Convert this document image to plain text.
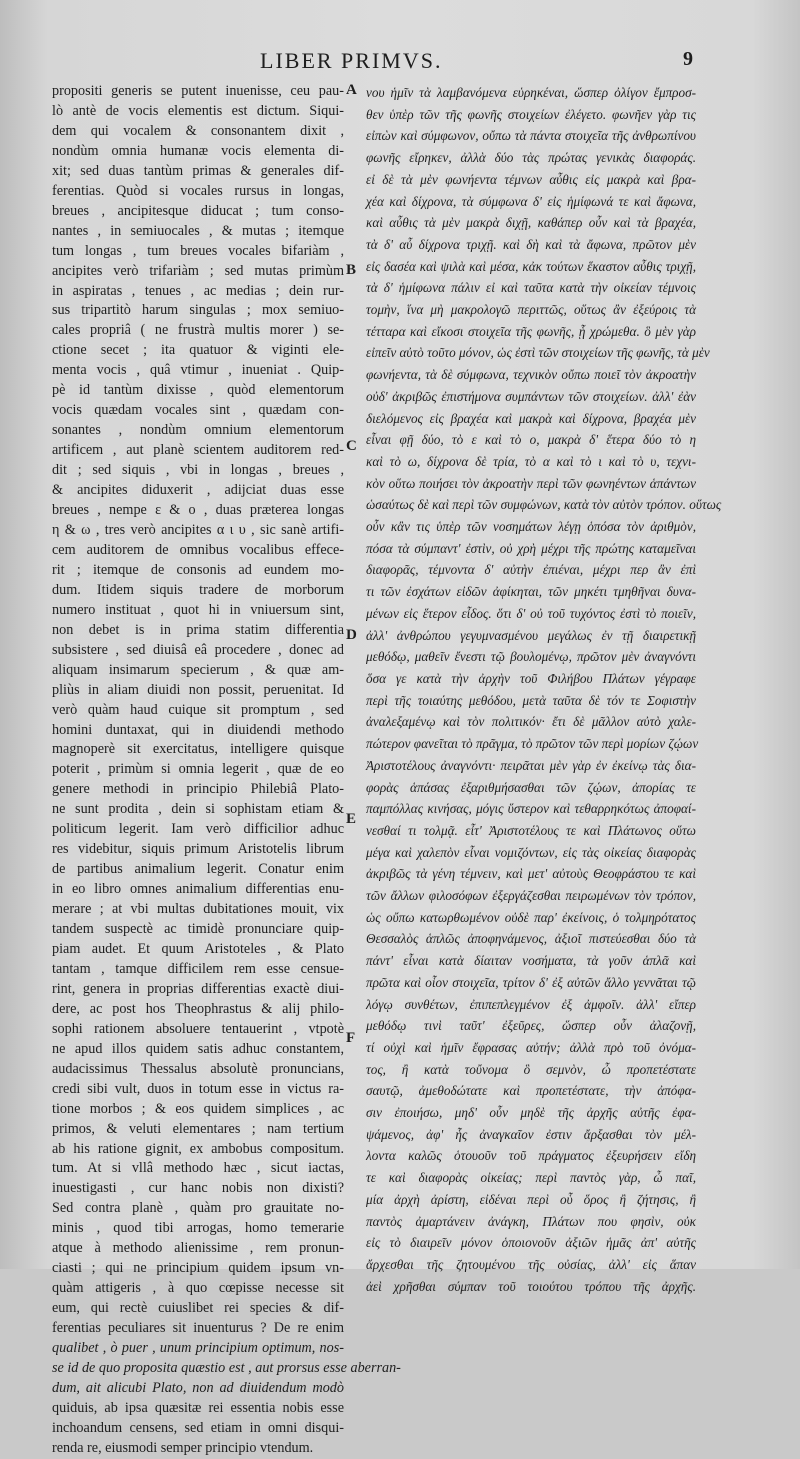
LIBER PRIMVS.	9
propositi generis se putent inuenisse, ceu pau-
lò antè de vocis elementis est dictum. Siqui-
dem qui vocalem & consonantem dixit ,
nondùm omnia humanæ vocis elementa di-
xit; sed duas tantùm primas & generales dif-
ferentias. Quòd si vocales rursus in longas,
breues , ancipitesque diducat ; tum conso-
nantes , in semiuocales , & mutas ; itemque
tum longas , tum breues vocales bifariàm ,
ancipites verò trifariàm ; sed mutas primùm
in aspiratas , tenues , ac medias ; dein rur-
sus tripartitò harum singulas ; mox semiuo-
cales propriâ ( ne frustrà multis morer ) se-
ctione secet ; ita quatuor & viginti ele-
menta vocis , quâ vtimur , inueniat . Quip-
pè id tantùm dixisse , quòd elementorum
vocis quædam vocales sint , quædam con-
sonantes , nondùm omnium elementorum
artificem , aut planè scientem auditorem red-
dit ; sed siquis , vbi in longas , breues ,
& ancipites diduxerit , adijciat duas esse
breues , nempe ε & ο , duas præterea longas
η & ω , tres verò ancipites α ι υ , sic sanè artifi-
cem auditorem de omnibus vocalibus effece-
rit ; itemque de consonis ad eundem mo-
dum. Itidem siquis tradere de morborum
numero instituat , quot hi in vniuersum sint,
non debet is in prima statim differentia
subsistere , sed diuisâ eâ procedere , donec ad
aliquam insimarum specierum , & quæ am-
pliùs in aliam diuidi non possit, peruenitat. Id
verò quàm haud cuique sit promptum , sed
homini duntaxat, qui in diuidendi methodo
magnoperè sit exercitatus, intelligere quisque
poterit , primùm si omnia legerit , quæ de eo
genere methodi in principio Philebiâ Plato-
ne sunt prodita , dein si sophistam etiam &
politicum legerit. Iam verò difficilior adhuc
res videbitur, siquis primum Aristotelis librum
de partibus animalium legerit. Conatur enim
in eo libro omnes animalium differentias enu-
merare ; at vbi multas dubitationes mouit, vix
tandem suspectè ac timidè pronunciare quip-
piam audet. Et quum Aristoteles , & Plato
tantam , tamque difficilem rem esse censue-
rint, genera in proprias differentias exactè diui-
dere, ac post hos Theophrastus & alij philo-
sophi rationem absoluere tentauerint , vtpotè
ne apud illos quidem satis adhuc constantem,
audacissimus Thessalus absolutè pronuncians,
credi sibi vult, duos in totum esse in victus ra-
tione morbos ; & eos quidem simplices , ac
primos, & veluti elementares ; nam tertium
ab his ratione gignit, ex ambobus compositum.
tum. At si vllâ methodo hæc , sicut iactas,
inuestigasti , cur hanc nobis non dixisti?
Sed contra planè , quàm pro grauitate no-
minis , quod tibi arrogas, homo temerarie
atque à methodo alienissime , rem pronun-
ciasti ; qui ne principium quidem ipsum vn-
quàm attigeris , à quo cœpisse necesse sit
eum, qui rectè cuiuslibet rei species & dif-
ferentias peculiares sit inuenturus ? De re enim
qualibet , ò puer , unum principium optimum, nos-
se id de quo proposita quæstio est , aut prorsus esse aberran-
dum, ait alicubi Plato, non ad diuidendum modò
quiduis, ab ipsa quæsitæ rei essentia nobis esse
inchoandum censens, sed etiam in omni disqui-
renda re, eiusmodi semper principio vtendum.
νου ἡμῖν τὰ λαμβανόμενα εὑρηκέναι, ὥσπερ ὀλίγον ἔμπροσ-
θεν ὑπὲρ τῶν τῆς φωνῆς στοιχείων ἐλέγετο. φωνῆεν γὰρ τις
εἰπὼν καὶ σύμφωνον, οὔπω τὰ πάντα στοιχεῖα τῆς ἀνθρωπίνου
φωνῆς εἴρηκεν, ἀλλὰ δύο τὰς πρώτας γενικὰς διαφοράς.
εἰ δὲ τὰ μὲν φωνήεντα τέμνων αὖθις εἰς μακρὰ καὶ βρα-
χέα καὶ δίχρονα, τὰ σύμφωνα δ' εἰς ἡμίφωνά τε καὶ ἄφωνα,
καὶ αὖθις τὰ μὲν μακρὰ διχῇ, καθάπερ οὖν καὶ τὰ βραχέα,
τὰ δ' αὖ δίχρονα τριχῇ. καὶ δὴ καὶ τὰ ἄφωνα, πρῶτον μὲν
εἰς δασέα καὶ ψιλὰ καὶ μέσα, κἀκ τούτων ἕκαστον αὖθις τριχῇ,
τὰ δ' ἡμίφωνα πάλιν εἰ καὶ ταῦτα κατὰ τὴν οἰκείαν τέμνοις
τομὴν, ἵνα μὴ μακρολογῶ περιττῶς, οὕτως ἂν ἐξεύροις τὰ
τέτταρα καὶ εἴκοσι στοιχεῖα τῆς φωνῆς, ᾗ χρώμεθα. ὃ μὲν γὰρ
εἰπεῖν αὐτὸ τοῦτο μόνον, ὡς ἐστὶ τῶν στοιχείων τῆς φωνῆς, τὰ μὲν
φωνήεντα, τὰ δὲ σύμφωνα, τεχνικὸν οὔπω ποιεῖ τὸν ἀκροατὴν
οὐδ' ἀκριβῶς ἐπιστήμονα συμπάντων τῶν στοιχείων. ἀλλ' ἐὰν
διελόμενος εἰς βραχέα καὶ μακρὰ καὶ δίχρονα, βραχέα μὲν
εἶναι φῇ δύο, τὸ ε καὶ τὸ ο, μακρὰ δ' ἕτερα δύο τὸ η
καὶ τὸ ω, δίχρονα δὲ τρία, τὸ α καὶ τὸ ι καὶ τὸ υ, τεχνι-
κὸν οὕτω ποιήσει τὸν ἀκροατὴν περὶ τῶν φωνηέντων ἁπάντων
ὡσαύτως δὲ καὶ περὶ τῶν συμφώνων, κατὰ τὸν αὐτὸν τρόπον. οὕτως
οὖν κἂν τις ὑπὲρ τῶν νοσημάτων λέγῃ ὁπόσα τὸν ἀριθμὸν,
πόσα τὰ σύμπαντ' ἐστὶν, οὐ χρὴ μέχρι τῆς πρώτης καταμεῖναι
διαφορᾶς, τέμνοντα δ' αὐτὴν ἐπιέναι, μέχρι περ ἂν ἐπὶ
τι τῶν ἐσχάτων εἰδῶν ἀφίκηται, τῶν μηκέτι τμηθῆναι δυνα-
μένων εἰς ἕτερον εἶδος. ὅτι δ' οὐ τοῦ τυχόντος ἐστὶ τὸ ποιεῖν,
ἀλλ' ἀνθρώπου γεγυμνασμένου μεγάλως ἐν τῇ διαιρετικῇ
μεθόδῳ, μαθεῖν ἔνεστι τῷ βουλομένῳ, πρῶτον μὲν ἀναγνόντι
ὅσα γε κατὰ τὴν ἀρχὴν τοῦ Φιλήβου Πλάτων γέγραφε
περὶ τῆς τοιαύτης μεθόδου, μετὰ ταῦτα δὲ τόν τε Σοφιστὴν
ἀναλεξαμένῳ καὶ τὸν πολιτικόν· ἔτι δὲ μᾶλλον αὐτὸ χαλε-
πώτερον φανεῖται τὸ πρᾶγμα, τὸ πρῶτον τῶν περὶ μορίων ζῴων
Ἀριστοτέλους ἀναγνόντι· πειρᾶται μὲν γὰρ ἐν ἐκείνῳ τὰς δια-
φορὰς ἁπάσας ἐξαριθμήσασθαι τῶν ζῴων, ἀπορίας τε
παμπόλλας κινήσας, μόγις ὕστερον καὶ τεθαρρηκότως ἀποφαί-
νεσθαί τι τολμᾷ. εἶτ' Ἀριστοτέλους τε καὶ Πλάτωνος οὕτω
μέγα καὶ χαλεπὸν εἶναι νομιζόντων, εἰς τὰς οἰκείας διαφορὰς
ἀκριβῶς τὰ γένη τέμνειν, καὶ μετ' αὐτοὺς Θεοφράστου τε καὶ
τῶν ἄλλων φιλοσόφων ἐξεργάζεσθαι πειρωμένων τὸν τρόπον,
ὡς οὔπω κατωρθωμένον οὐδὲ παρ' ἐκείνοις, ὁ τολμηρότατος
Θεσσαλὸς ἁπλῶς ἀποφηνάμενος, ἀξιοῖ πιστεύεσθαι δύο τὰ
πάντ' εἶναι κατὰ δίαιταν νοσήματα, τὰ γοῦν ἁπλᾶ καὶ
πρῶτα καὶ οἷον στοιχεῖα, τρίτον δ' ἐξ αὐτῶν ἄλλο γεννᾶται τῷ
λόγῳ συνθέτων, ἐπιπεπλεγμένον ἐξ ἀμφοῖν. ἀλλ' εἴπερ
μεθόδῳ τινὶ ταῦτ' ἐξεῦρες, ὥσπερ οὖν ἀλαζονῇ,
τί οὐχὶ καὶ ἡμῖν ἔφρασας αὐτήν; ἀλλὰ πρὸ τοῦ ὀνόμα-
τος, ἢ κατὰ τοὔνομα ὃ σεμνὸν, ὦ προπετέστατε
σαυτῷ, ἀμεθοδώτατε καὶ προπετέστατε, τὴν ἀπόφα-
σιν ἐποιήσω, μηδ' οὖν μηδὲ τῆς ἀρχῆς αὐτῆς ἐφα-
ψάμενος, ἀφ' ἧς ἀναγκαῖον ἐστιν ἄρξασθαι τὸν μέλ-
λοντα καλῶς ὁτουοῦν τοῦ πράγματος ἐξευρήσειν εἴδη
τε καὶ διαφορὰς οἰκείας; περὶ παντὸς γὰρ, ὦ παῖ,
μία ἀρχὴ ἀρίστη, εἰδέναι περὶ οὗ ὅρος ἢ ζήτησις, ἢ
παντὸς ἀμαρτάνειν ἀνάγκη, Πλάτων που φησὶν, οὐκ
εἰς τὸ διαιρεῖν μόνον ὁποιονοῦν ἀξιῶν ἡμᾶς ἀπ' αὐτῆς
ἄρχεσθαι τῆς ζητουμένου τῆς οὐσίας, ἀλλ' εἰς ἅπαν
ἀεὶ χρῆσθαι σύμπαν τοῦ τοιούτου τρόπου τῆς ἀρχῆς.
A
B
C
D
E
F
